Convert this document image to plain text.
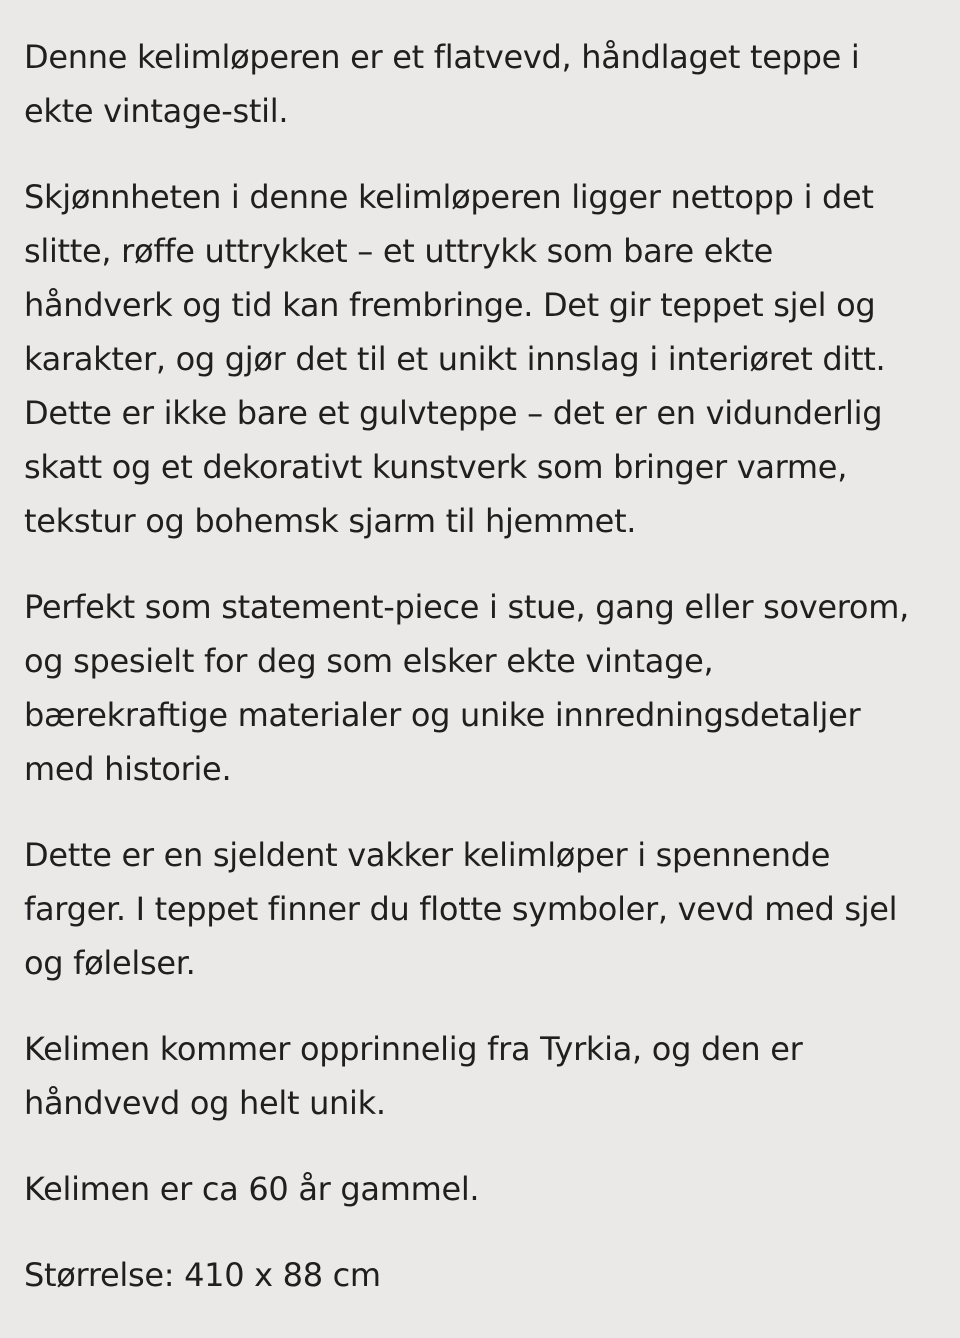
Denne kelimløperen er et flatvevd, håndlaget teppe i
ekte vintage-stil.

Skjønnheten i denne kelimløperen ligger nettopp i det
slitte, røffe uttrykket – et uttrykk som bare ekte
håndverk og tid kan frembringe. Det gir teppet sjel og
karakter, og gjør det til et unikt innslag i interiøret ditt.
Dette er ikke bare et gulvteppe – det er en vidunderlig
skatt og et dekorativt kunstverk som bringer varme,
tekstur og bohemsk sjarm til hjemmet.

Perfekt som statement-piece i stue, gang eller soverom,
og spesielt for deg som elsker ekte vintage,
bærekraftige materialer og unike innredningsdetaljer
med historie.

Dette er en sjeldent vakker kelimløper i spennende
farger. I teppet finner du flotte symboler, vevd med sjel
og følelser.

Kelimen kommer opprinnelig fra Tyrkia, og den er
håndvevd og helt unik.

Kelimen er ca 60 år gammel.

Størrelse: 410 x 88 cm
